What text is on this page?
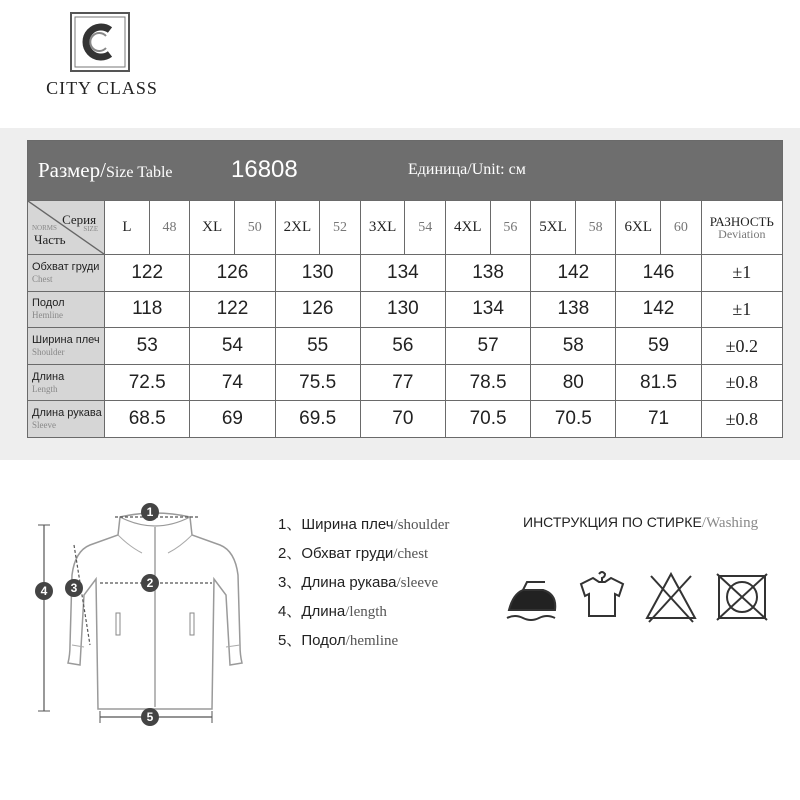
CITY CLASS
Размер/Size Table 16808 Единица/Unit: см															

Серия
SIZE
NORMS
Часть	L	48	XL	50	2XL	52	3XL	54	4XL	56	5XL	58	6XL	60	РАЗНОСТЬ
Deviation

Обхват груди
Chest	122		126		130		134		138		142		146		±1

Подол
Hemline	118		122		126		130		134		138		142		±1

Ширина плеч
Shoulder	53		54		55		56		57		58		59		±0.2

Длина
Length	72.5		74		75.5		77		78.5		80		81.5		±0.8

Длина рукава
Sleeve	68.5		69		69.5		70		70.5		70.5		71		±0.8
1
2
3
4
5
1、Ширина плеч/shoulder
2、Обхват груди/chest
3、Длина рукава/sleeve
4、Длина/length
5、Подол/hemline
ИНСТРУКЦИЯ ПО СТИРКЕ/Washing
